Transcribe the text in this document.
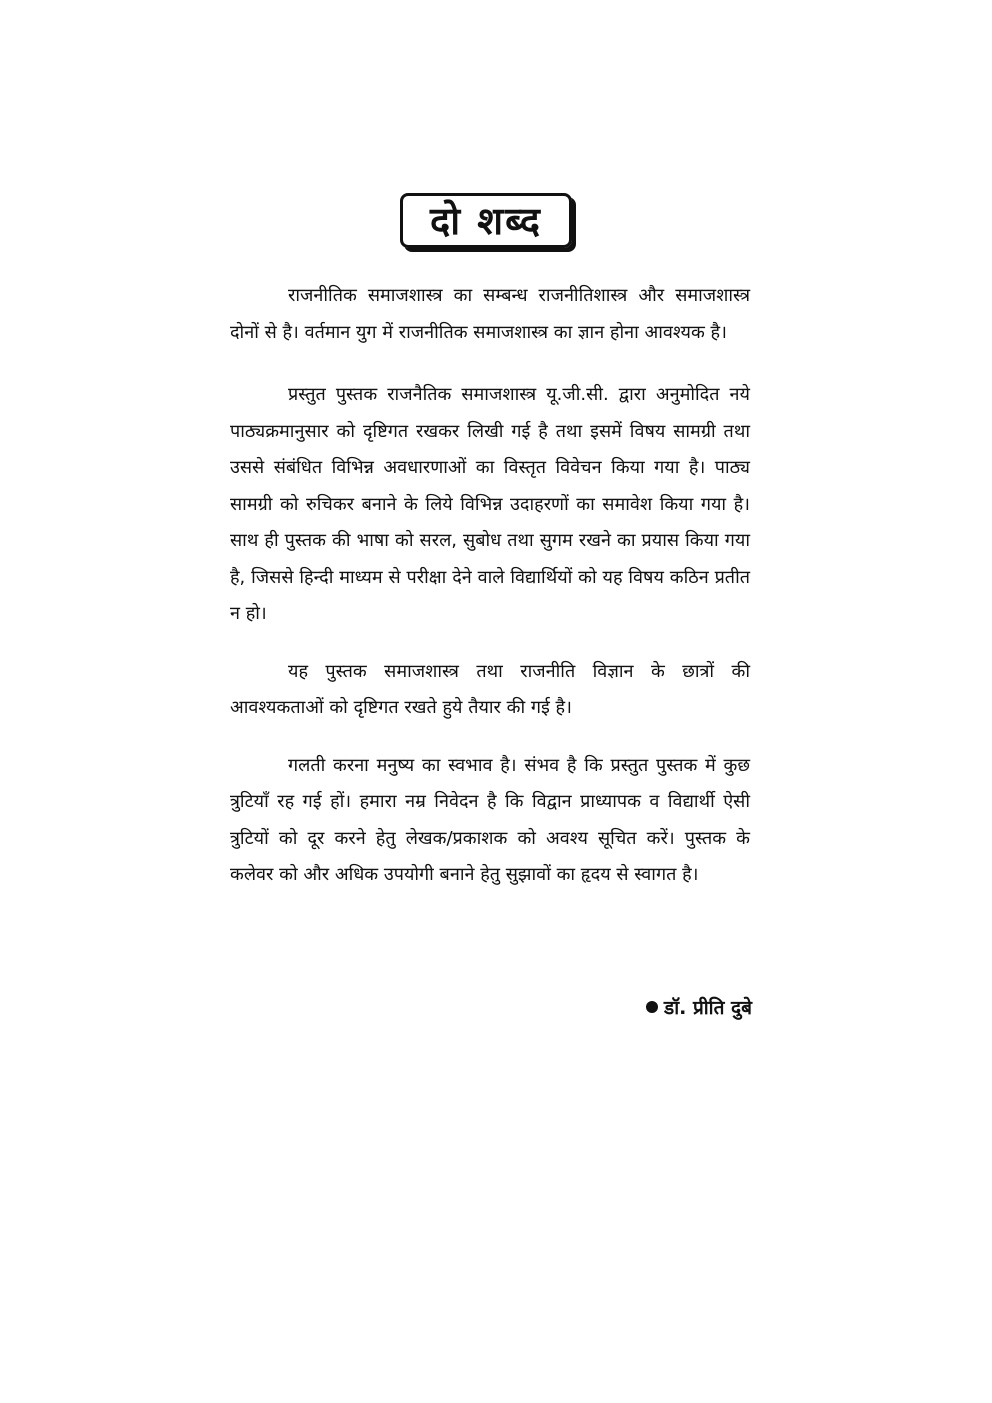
दो शब्द

राजनीतिक समाजशास्त्र का सम्बन्ध राजनीतिशास्त्र और समाजशास्त्र दोनों से है। वर्तमान युग में राजनीतिक समाजशास्त्र का ज्ञान होना आवश्यक है।

प्रस्तुत पुस्तक राजनैतिक समाजशास्त्र यू.जी.सी. द्वारा अनुमोदित नये पाठ्यक्रमानुसार को दृष्टिगत रखकर लिखी गई है तथा इसमें विषय सामग्री तथा उससे संबंधित विभिन्न अवधारणाओं का विस्तृत विवेचन किया गया है। पाठ्य सामग्री को रुचिकर बनाने के लिये विभिन्न उदाहरणों का समावेश किया गया है। साथ ही पुस्तक की भाषा को सरल, सुबोध तथा सुगम रखने का प्रयास किया गया है, जिससे हिन्दी माध्यम से परीक्षा देने वाले विद्यार्थियों को यह विषय कठिन प्रतीत न हो।

यह पुस्तक समाजशास्त्र तथा राजनीति विज्ञान के छात्रों की आवश्यकताओं को दृष्टिगत रखते हुये तैयार की गई है।

गलती करना मनुष्य का स्वभाव है। संभव है कि प्रस्तुत पुस्तक में कुछ त्रुटियाँ रह गई हों। हमारा नम्र निवेदन है कि विद्वान प्राध्यापक व विद्यार्थी ऐसी त्रुटियों को दूर करने हेतु लेखक/प्रकाशक को अवश्य सूचित करें। पुस्तक के कलेवर को और अधिक उपयोगी बनाने हेतु सुझावों का हृदय से स्वागत है।

डॉ. प्रीति दुबे
